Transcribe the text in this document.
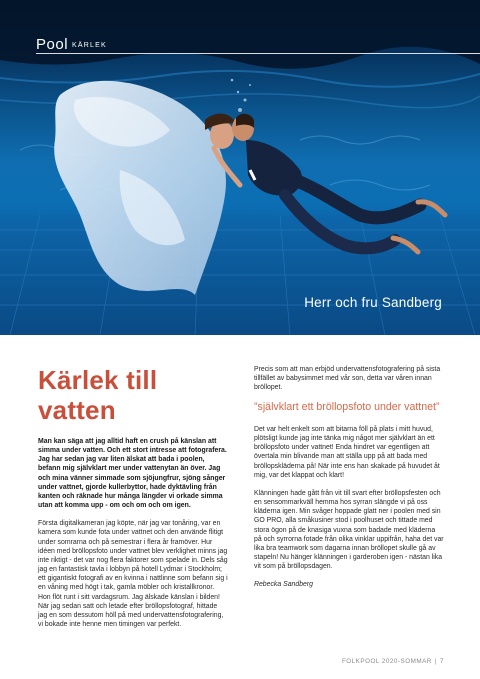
Pool KÄRLEK
Herr och fru Sandberg
Kärlek till vatten

Man kan säga att jag alltid haft en crush på känslan att simma under vatten. Och ett stort intresse att fotografera. Jag har sedan jag var liten älskat att bada i poolen, befann mig självklart mer under vattenytan än över. Jag och mina vänner simmade som sjöjungfrur, sjöng sånger under vattnet, gjorde kullerbyttor, hade dyktävling från kanten och räknade hur många längder vi orkade simma utan att komma upp - om och om och om igen.

Första digitalkameran jag köpte, när jag var tonåring, var en kamera som kunde fota under vattnet och den använde flitigt under somrarna och på semestrar i flera år framöver. Hur idéen med bröllopsfoto under vattnet blev verklighet minns jag inte riktigt - det var nog flera faktorer som spelade in. Dels såg jag en fantastisk tavla i lobbyn på hotell Lydmar i Stockholm; ett gigantiskt fotografi av en kvinna i nattlinne som befann sig i en våning med högt i tak, gamla möbler och kristallkronor. Hon flöt runt i sitt vardagsrum. Jag älskade känslan i bilden! När jag sedan satt och letade efter bröllopsfotograf, hittade jag en som dessutom höll på med undervattensfotografering, vi bokade inte henne men timingen var perfekt.

Precis som att man erbjöd undervattensfotografering på sista tillfället av babysimmet med vår son, detta var våren innan bröllopet.

”självklart ett bröllopsfoto under vattnet”

Det var helt enkelt som att bitarna föll på plats i mitt huvud, plötsligt kunde jag inte tänka mig något mer självklart än ett bröllopsfoto under vattnet! Enda hindret var egentligen att övertala min blivande man att ställa upp på att bada med bröllopskläderna på! När inte ens han skakade på huvudet åt mig, var det klappat och klart!

Klänningen hade gått från vit till svart efter bröllopsfesten och en sensommarkväll hemma hos syrran slängde vi på oss kläderna igen. Min svåger hoppade glatt ner i poolen med sin GO PRO, alla småkusiner stod i poolhuset och tittade med stora ögon på de knasiga vuxna som badade med kläderna på och syrrorna fotade från olika vinklar uppifrån, haha det var lika bra teamwork som dagarna innan bröllopet skulle gå av stapeln! Nu hänger klänningen i garderoben igen - nästan lika vit som på bröllopsdagen.

Rebecka Sandberg

FOLKPOOL 2020-SOMMAR | 7
